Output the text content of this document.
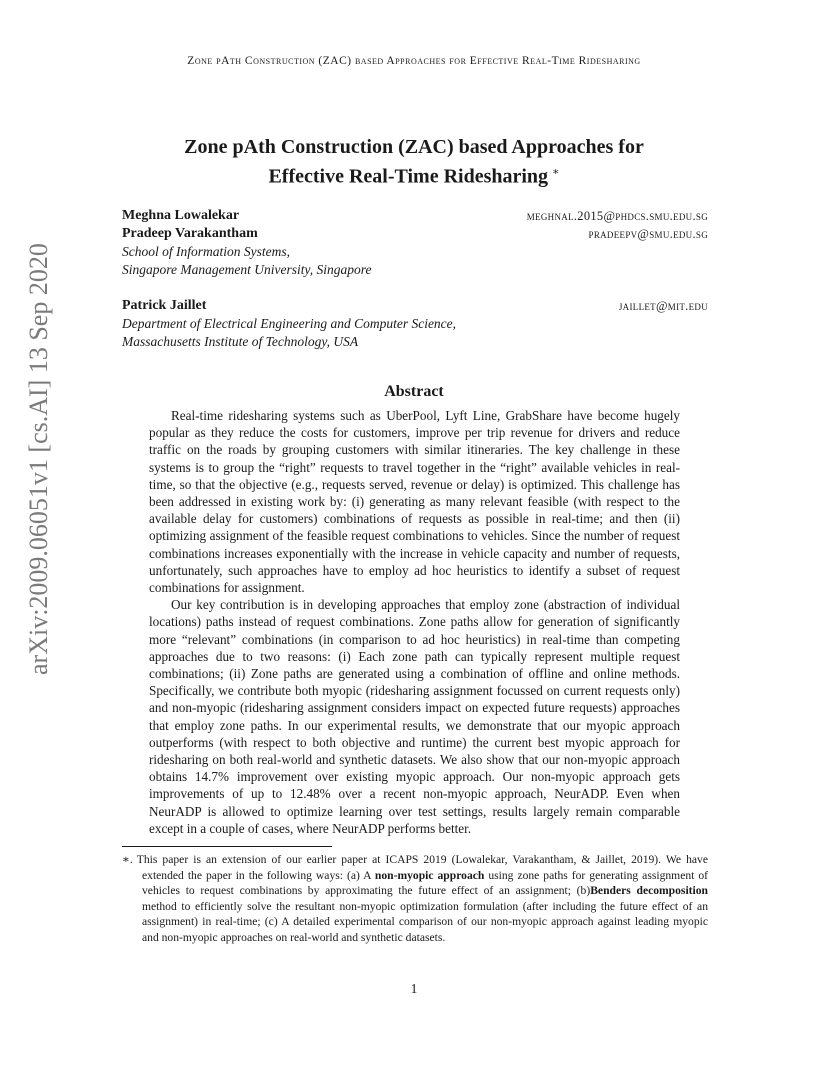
Zone pAth Construction (ZAC) based Approaches for Effective Real-Time Ridesharing
arXiv:2009.06051v1 [cs.AI] 13 Sep 2020
Zone pAth Construction (ZAC) based Approaches for
Effective Real-Time Ridesharing ∗
Meghna Lowalekar	meghnal.2015@phdcs.smu.edu.sg
Pradeep Varakantham	pradeepv@smu.edu.sg
School of Information Systems,
Singapore Management University, Singapore
Patrick Jaillet	jaillet@mit.edu
Department of Electrical Engineering and Computer Science,
Massachusetts Institute of Technology, USA
Abstract

Real-time ridesharing systems such as UberPool, Lyft Line, GrabShare have become hugely popular as they reduce the costs for customers, improve per trip revenue for drivers and reduce traffic on the roads by grouping customers with similar itineraries. The key challenge in these systems is to group the “right” requests to travel together in the “right” available vehicles in real-time, so that the objective (e.g., requests served, revenue or delay) is optimized. This challenge has been addressed in existing work by: (i) generating as many relevant feasible (with respect to the available delay for customers) combinations of requests as possible in real-time; and then (ii) optimizing assignment of the feasible request combinations to vehicles. Since the number of request combinations increases exponentially with the increase in vehicle capacity and number of requests, unfortunately, such approaches have to employ ad hoc heuristics to identify a subset of request combinations for assignment.

Our key contribution is in developing approaches that employ zone (abstraction of individual locations) paths instead of request combinations. Zone paths allow for generation of significantly more “relevant” combinations (in comparison to ad hoc heuristics) in real-time than competing approaches due to two reasons: (i) Each zone path can typically represent multiple request combinations; (ii) Zone paths are generated using a combination of offline and online methods. Specifically, we contribute both myopic (ridesharing assignment focussed on current requests only) and non-myopic (ridesharing assignment considers impact on expected future requests) approaches that employ zone paths. In our experimental results, we demonstrate that our myopic approach outperforms (with respect to both objective and runtime) the current best myopic approach for ridesharing on both real-world and synthetic datasets. We also show that our non-myopic approach obtains 14.7% improvement over existing myopic approach. Our non-myopic approach gets improvements of up to 12.48% over a recent non-myopic approach, NeurADP. Even when NeurADP is allowed to optimize learning over test settings, results largely remain comparable except in a couple of cases, where NeurADP performs better.

∗. This paper is an extension of our earlier paper at ICAPS 2019 (Lowalekar, Varakantham, & Jaillet, 2019). We have extended the paper in the following ways: (a) A non-myopic approach using zone paths for generating assignment of vehicles to request combinations by approximating the future effect of an assignment; (b)Benders decomposition method to efficiently solve the resultant non-myopic optimization formulation (after including the future effect of an assignment) in real-time; (c) A detailed experimental comparison of our non-myopic approach against leading myopic and non-myopic approaches on real-world and synthetic datasets.
1
